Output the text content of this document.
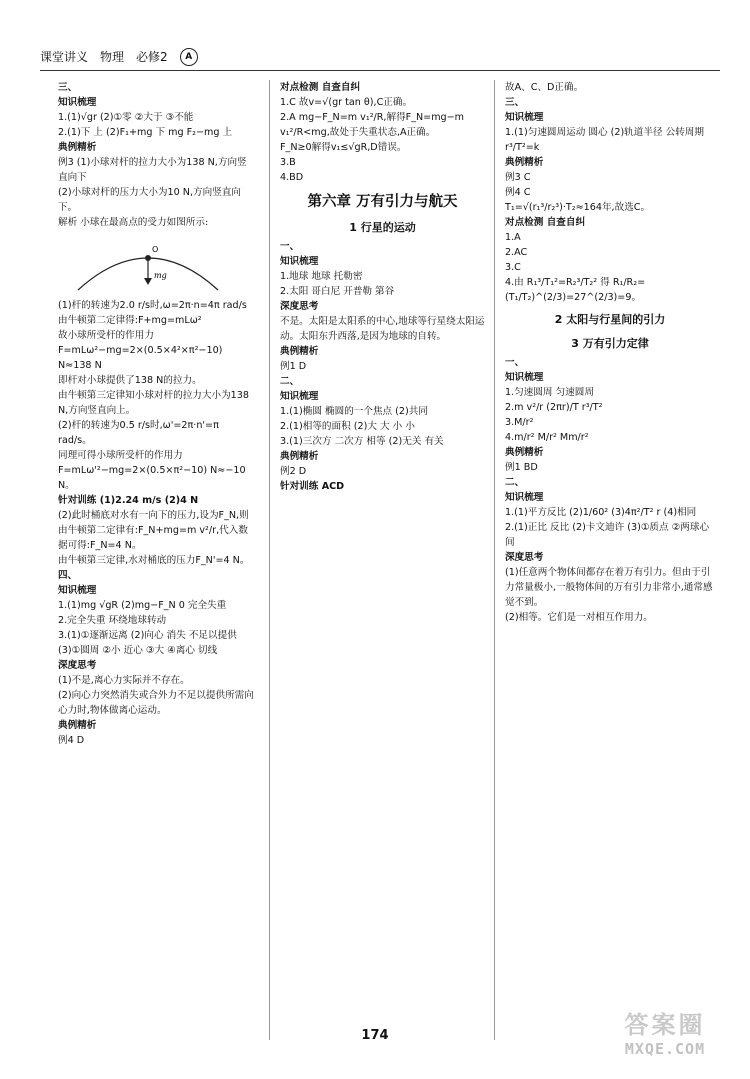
课堂讲义 物理 必修2	A

三、

知识梳理

1.(1)√gr (2)①零 ②大于 ③不能

2.(1)下 上 (2)F₁+mg 下 mg F₂−mg 上

典例精析

例3 (1)小球对杆的拉力大小为138 N,方向竖直向下

(2)小球对杆的压力大小为10 N,方向竖直向下。

解析 小球在最高点的受力如图所示:

mg
O

(1)杆的转速为2.0 r/s时,ω=2π·n=4π rad/s

由牛顿第二定律得:F+mg=mLω²

故小球所受杆的作用力

F=mLω²−mg=2×(0.5×4²×π²−10) N≈138 N

即杆对小球提供了138 N的拉力。

由牛顿第三定律知小球对杆的拉力大小为138 N,方向竖直向上。

(2)杆的转速为0.5 r/s时,ω'=2π·n'=π rad/s。

同理可得小球所受杆的作用力

F=mLω'²−mg=2×(0.5×π²−10) N≈−10 N。

针对训练 (1)2.24 m/s (2)4 N

(2)此时桶底对水有一向下的压力,设为F_N,则由牛顿第二定律有:F_N+mg=m v²/r,代入数据可得:F_N=4 N。

由牛顿第三定律,水对桶底的压力F_N'=4 N。

四、

知识梳理

1.(1)mg √gR (2)mg−F_N 0 完全失重

2.完全失重 环绕地球转动

3.(1)①逐渐远离 (2)向心 消失 不足以提供 (3)①圆周 ②小 近心 ③大 ④离心 切线

深度思考

(1)不是,离心力实际并不存在。

(2)向心力突然消失或合外力不足以提供所需向心力时,物体做离心运动。

典例精析

例4 D

对点检测 自查自纠

1.C 故v=√(gr tan θ),C正确。

2.A mg−F_N=m v₁²/R,解得F_N=mg−m v₁²/R<mg,故处于失重状态,A正确。

F_N≥0解得v₁≤√gR,D错误。

3.B

4.BD

第六章 万有引力与航天

1 行星的运动

一、

知识梳理

1.地球 地球 托勒密

2.太阳 哥白尼 开普勒 第谷

深度思考

不是。太阳是太阳系的中心,地球等行星绕太阳运动。太阳东升西落,是因为地球的自转。

典例精析

例1 D

二、

知识梳理

1.(1)椭圆 椭圆的一个焦点 (2)共同

2.(1)相等的面积 (2)大 大 小 小

3.(1)三次方 二次方 相等 (2)无关 有关

典例精析

例2 D

针对训练 ACD

故A、C、D正确。

三、

知识梳理

1.(1)匀速圆周运动 圆心 (2)轨道半径 公转周期 r³/T²=k

典例精析

例3 C

例4 C

T₁=√(r₁³/r₂³)·T₂≈164年,故选C。

对点检测 自查自纠

1.A

2.AC

3.C

4.由 R₁³/T₁²=R₂³/T₂² 得 R₁/R₂=(T₁/T₂)^(2/3)=27^(2/3)=9。

2 太阳与行星间的引力

3 万有引力定律

一、

知识梳理

1.匀速圆周 匀速圆周

2.m v²/r (2πr)/T r³/T²

3.M/r²

4.m/r² M/r² Mm/r²

典例精析

例1 BD

二、

知识梳理

1.(1)平方反比 (2)1/60² (3)4π²/T² r (4)相同

2.(1)正比 反比 (2)卡文迪许 (3)①质点 ②两球心间

深度思考

(1)任意两个物体间都存在着万有引力。但由于引力常量极小,一般物体间的万有引力非常小,通常感觉不到。

(2)相等。它们是一对相互作用力。

174	答案圈
MXQE.COM
